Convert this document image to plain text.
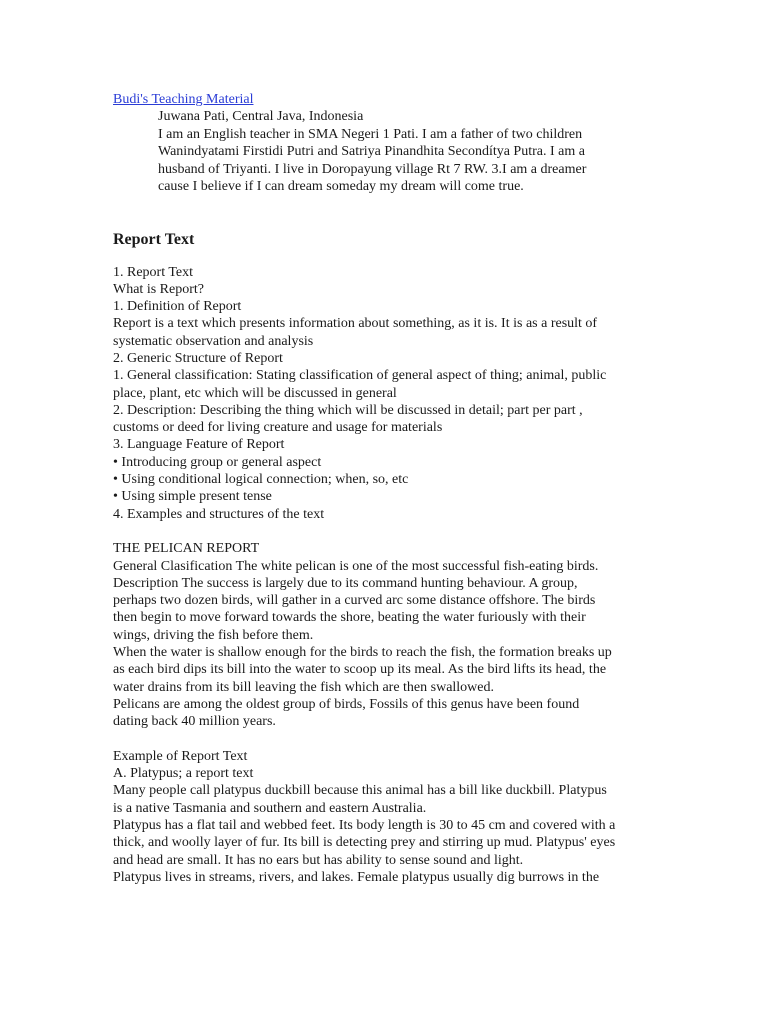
Budi's Teaching Material
Juwana Pati, Central Java, Indonesia
I am an English teacher in SMA Negeri 1 Pati. I am a father of two children
Wanindyatami Firstidi Putri and Satriya Pinandhita Secondítya Putra. I am a
husband of Triyanti. I live in Doropayung village Rt 7 RW. 3.I am a dreamer
cause I believe if I can dream someday my dream will come true.
Report Text
1. Report Text
What is Report?
1. Definition of Report
Report is a text which presents information about something, as it is. It is as a result of
systematic observation and analysis
2. Generic Structure of Report
1. General classification: Stating classification of general aspect of thing; animal, public
place, plant, etc which will be discussed in general
2. Description: Describing the thing which will be discussed in detail; part per part ,
customs or deed for living creature and usage for materials
3. Language Feature of Report
• Introducing group or general aspect
• Using conditional logical connection; when, so, etc
• Using simple present tense
4. Examples and structures of the text
THE PELICAN REPORT
General Clasification The white pelican is one of the most successful fish-eating birds.
Description The success is largely due to its command hunting behaviour. A group,
perhaps two dozen birds, will gather in a curved arc some distance offshore. The birds
then begin to move forward towards the shore, beating the water furiously with their
wings, driving the fish before them.
When the water is shallow enough for the birds to reach the fish, the formation breaks up
as each bird dips its bill into the water to scoop up its meal. As the bird lifts its head, the
water drains from its bill leaving the fish which are then swallowed.
Pelicans are among the oldest group of birds, Fossils of this genus have been found
dating back 40 million years.
Example of Report Text
A. Platypus; a report text
Many people call platypus duckbill because this animal has a bill like duckbill. Platypus
is a native Tasmania and southern and eastern Australia.
Platypus has a flat tail and webbed feet. Its body length is 30 to 45 cm and covered with a
thick, and woolly layer of fur. Its bill is detecting prey and stirring up mud. Platypus' eyes
and head are small. It has no ears but has ability to sense sound and light.
Platypus lives in streams, rivers, and lakes. Female platypus usually dig burrows in the
